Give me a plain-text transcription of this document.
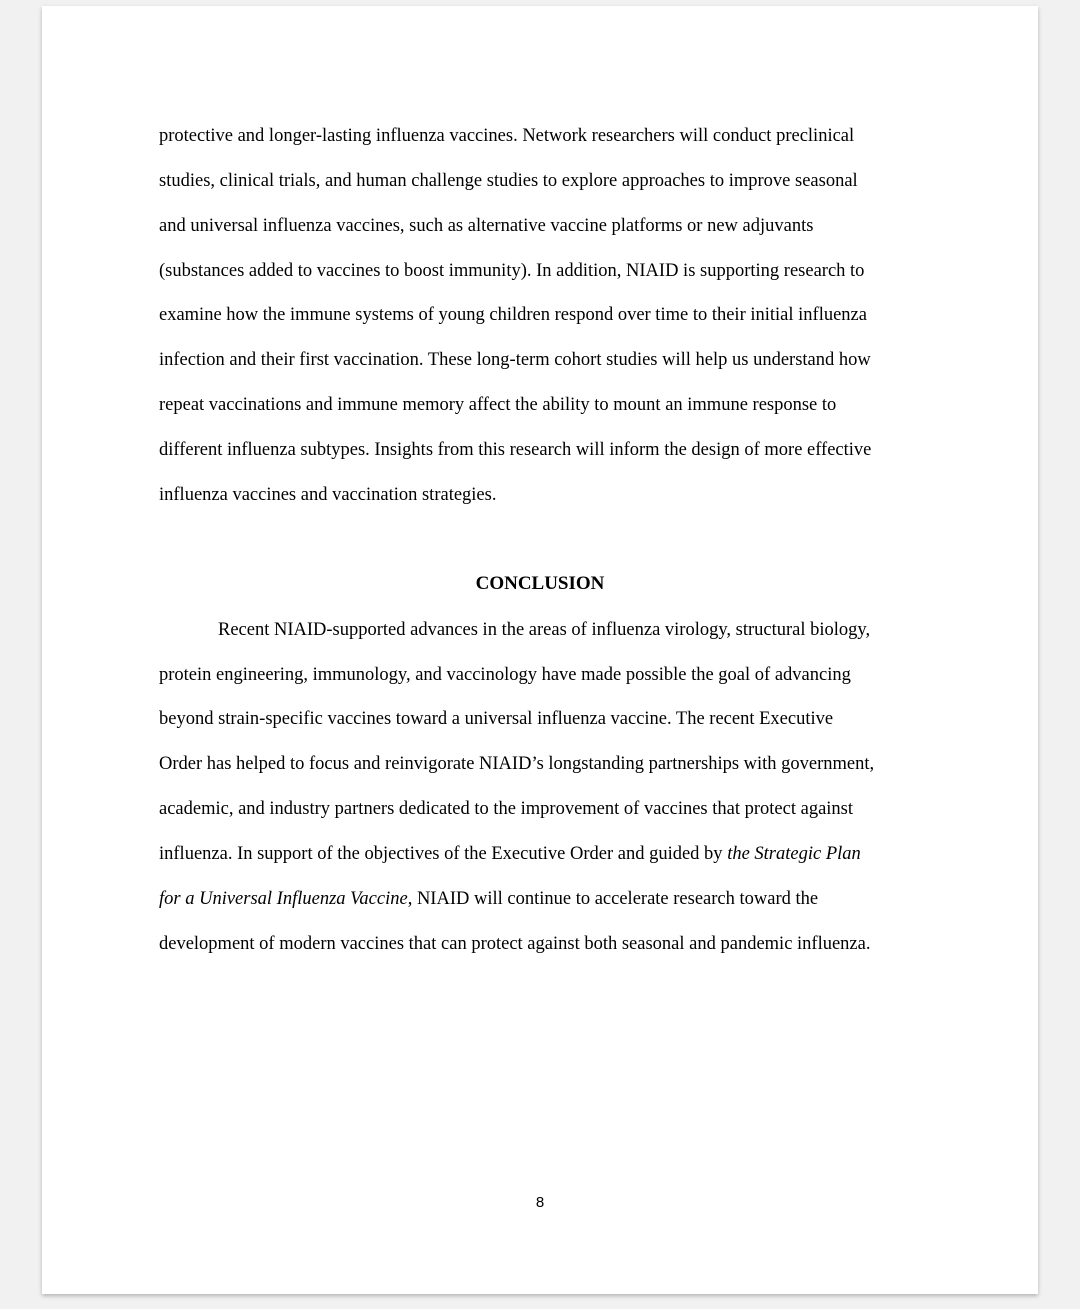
protective and longer-lasting influenza vaccines. Network researchers will conduct preclinical
studies, clinical trials, and human challenge studies to explore approaches to improve seasonal
and universal influenza vaccines, such as alternative vaccine platforms or new adjuvants
(substances added to vaccines to boost immunity). In addition, NIAID is supporting research to
examine how the immune systems of young children respond over time to their initial influenza
infection and their first vaccination. These long-term cohort studies will help us understand how
repeat vaccinations and immune memory affect the ability to mount an immune response to
different influenza subtypes. Insights from this research will inform the design of more effective
influenza vaccines and vaccination strategies.
CONCLUSION
Recent NIAID-supported advances in the areas of influenza virology, structural biology,
protein engineering, immunology, and vaccinology have made possible the goal of advancing
beyond strain-specific vaccines toward a universal influenza vaccine. The recent Executive
Order has helped to focus and reinvigorate NIAID’s longstanding partnerships with government,
academic, and industry partners dedicated to the improvement of vaccines that protect against
influenza. In support of the objectives of the Executive Order and guided by the Strategic Plan
for a Universal Influenza Vaccine, NIAID will continue to accelerate research toward the
development of modern vaccines that can protect against both seasonal and pandemic influenza.
8
